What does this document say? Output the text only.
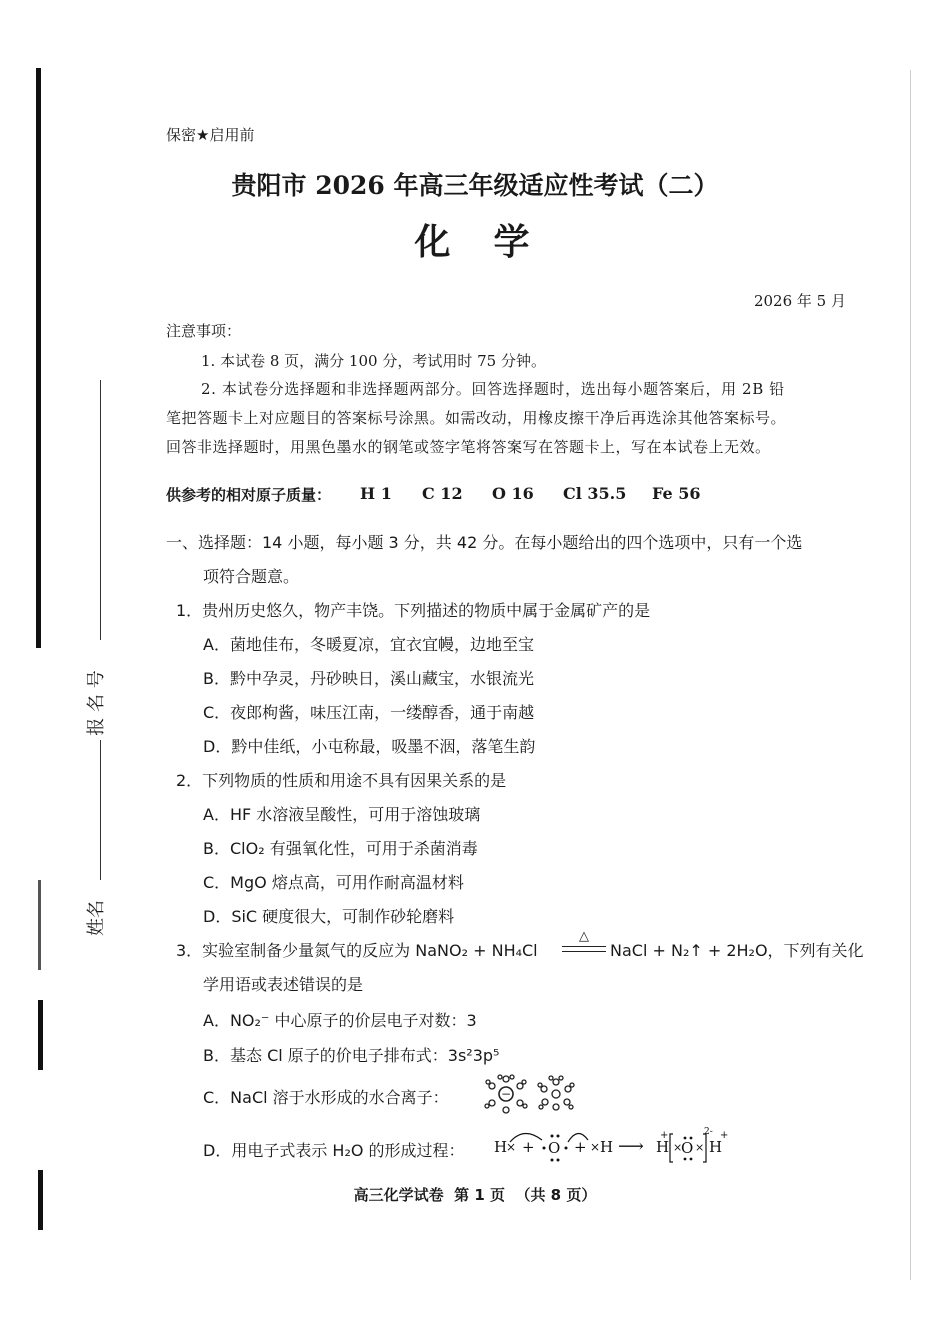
报 名 号
姓名
保密★启用前
贵阳市 2026 年高三年级适应性考试（二）
化  学
2026 年 5 月
注意事项：
1. 本试卷 8 页，满分 100 分，考试用时 75 分钟。
2. 本试卷分选择题和非选择题两部分。回答选择题时，选出每小题答案后，用 2B 铅
笔把答题卡上对应题目的答案标号涂黑。如需改动，用橡皮擦干净后再选涂其他答案标号。
回答非选择题时，用黑色墨水的钢笔或签字笔将答案写在答题卡上，写在本试卷上无效。
供参考的相对原子质量： H 1 C 12 O 16 Cl 35.5 Fe 56
一、选择题：14 小题，每小题 3 分，共 42 分。在每小题给出的四个选项中，只有一个选
项符合题意。
1．贵州历史悠久，物产丰饶。下列描述的物质中属于金属矿产的是
A．菌地佳布，冬暖夏凉，宜衣宜幔，边地至宝
B．黔中孕灵，丹砂映日，溪山藏宝，水银流光
C．夜郎枸酱，味压江南，一缕醇香，通于南越
D．黔中佳纸，小屯称最，吸墨不洇，落笔生韵
2．下列物质的性质和用途不具有因果关系的是
A．HF 水溶液呈酸性，可用于溶蚀玻璃
B．ClO₂ 有强氧化性，可用于杀菌消毒
C．MgO 熔点高，可用作耐高温材料
D．SiC 硬度很大，可制作砂轮磨料
3．实验室制备少量氮气的反应为 NaNO₂ + NH₄Cl
△
NaCl + N₂↑ + 2H₂O，下列有关化
学用语或表述错误的是
A．NO₂⁻ 中心原子的价层电子对数：3
B．基态 Cl 原子的价电子排布式：3s²3p⁵
C．NaCl 溶于水形成的水合离子：	−
D．用电子式表示 H₂O 的形成过程： H
× + O + × H ⟶ H
+
×
O ×
2-
H
+
高三化学试卷  第 1 页  （共 8 页）
